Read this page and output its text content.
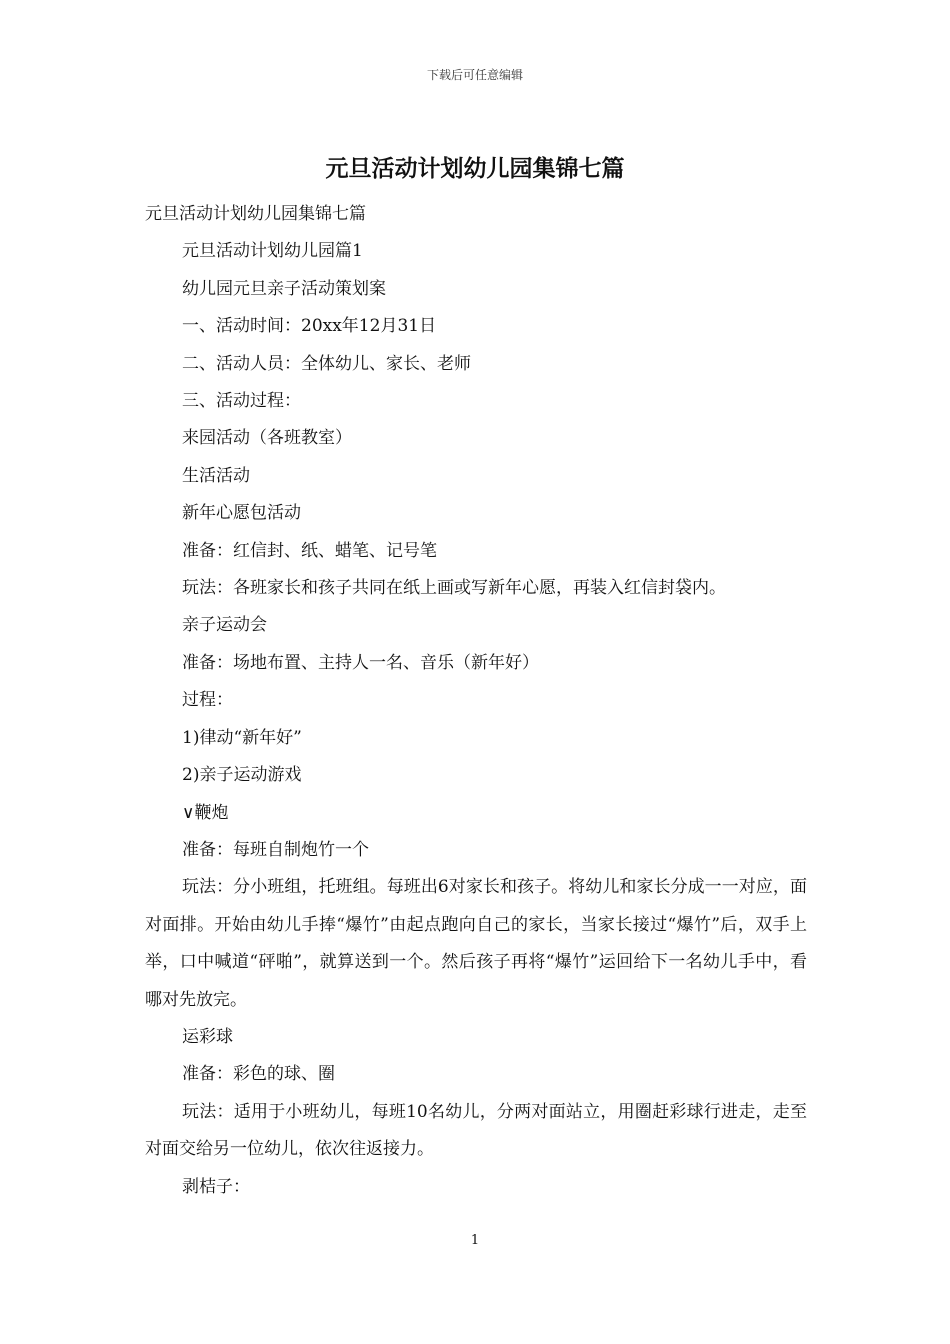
下载后可任意编辑
元旦活动计划幼儿园集锦七篇

元旦活动计划幼儿园集锦七篇

元旦活动计划幼儿园篇1

幼儿园元旦亲子活动策划案

一、活动时间：20xx年12月31日

二、活动人员：全体幼儿、家长、老师

三、活动过程：

来园活动（各班教室）

生活活动

新年心愿包活动

准备：红信封、纸、蜡笔、记号笔

玩法：各班家长和孩子共同在纸上画或写新年心愿，再装入红信封袋内。

亲子运动会

准备：场地布置、主持人一名、音乐（新年好）

过程：

1)律动“新年好”

2)亲子运动游戏

∨鞭炮

准备：每班自制炮竹一个

玩法：分小班组，托班组。每班出6对家长和孩子。将幼儿和家长分成一一对应，面对面排。开始由幼儿手捧“爆竹”由起点跑向自己的家长，当家长接过“爆竹”后，双手上举，口中喊道“砰啪”，就算送到一个。然后孩子再将“爆竹”运回给下一名幼儿手中，看哪对先放完。

运彩球

准备：彩色的球、圈

玩法：适用于小班幼儿，每班10名幼儿，分两对面站立，用圈赶彩球行进走，走至对面交给另一位幼儿，依次往返接力。

剥桔子：

1
